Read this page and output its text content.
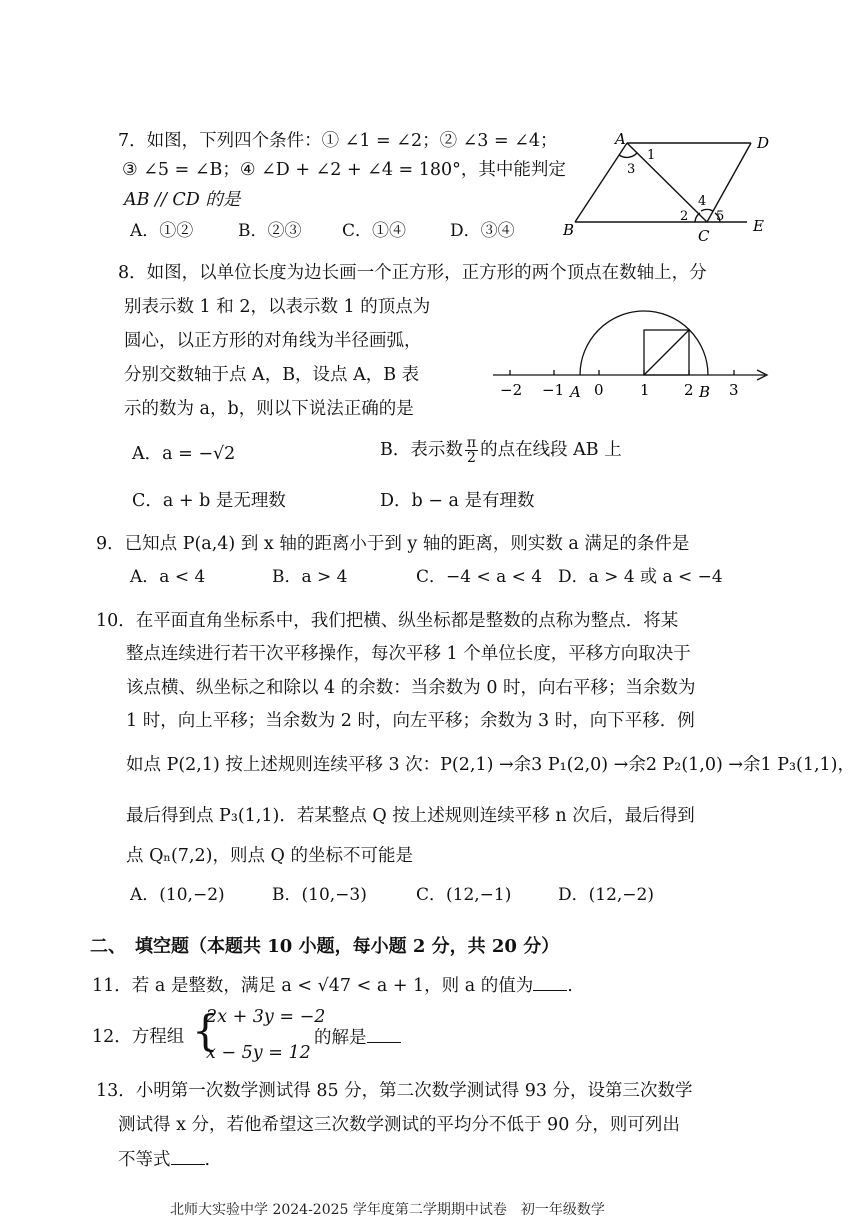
7．如图，下列四个条件：① ∠1 = ∠2；② ∠3 = ∠4；
③ ∠5 = ∠B；④ ∠D + ∠2 + ∠4 = 180°，其中能判定
AB // CD 的是
A．①②	B．②③ C．①④	D．③④
A	D
B	C
E
1
3
2
4
5
8．如图，以单位长度为边长画一个正方形，正方形的两个顶点在数轴上，分
别表示数 1 和 2，以表示数 1 的顶点为
圆心，以正方形的对角线为半径画弧，
分别交数轴于点 A，B，设点 A，B 表
示的数为 a，b，则以下说法正确的是
−2 −1 A 0 1 2 B 3
A．a = −√2	B．表示数 $\frac{\pi}{2}$ 的点在线段 AB 上
C．a + b 是无理数	D．b − a 是有理数
9．已知点 P(a,4) 到 x 轴的距离小于到 y 轴的距离，则实数 a 满足的条件是
A．a < 4	B．a > 4	C．−4 < a < 4 D．a > 4 或 a < −4
10．在平面直角坐标系中，我们把横、纵坐标都是整数的点称为整点．将某
整点连续进行若干次平移操作，每次平移 1 个单位长度，平移方向取决于
该点横、纵坐标之和除以 4 的余数：当余数为 0 时，向右平移；当余数为
1 时，向上平移；当余数为 2 时，向左平移；余数为 3 时，向下平移．例
如点 P(2,1) 按上述规则连续平移 3 次：P(2,1) →余3 P₁(2,0) →余2 P₂(1,0) →余1 P₃(1,1)，
最后得到点 P₃(1,1)．若某整点 Q 按上述规则连续平移 n 次后，最后得到
点 Qₙ(7,2)，则点 Q 的坐标不可能是
A．(10,−2)	B．(10,−3)	C．(12,−1)	D．(12,−2)
二、　填空题（本题共 10 小题，每小题 2 分，共 20 分）
11．若 a 是整数，满足 a < √47 < a + 1，则 a 的值为 .
12．方程组 {
2x + 3y = −2
x − 5y = 12
的解是
13．小明第一次数学测试得 85 分，第二次数学测试得 93 分，设第三次数学
测试得 x 分，若他希望这三次数学测试的平均分不低于 90 分，则可列出
不等式 .
北师大实验中学 2024-2025 学年度第二学期期中试卷　初一年级数学
